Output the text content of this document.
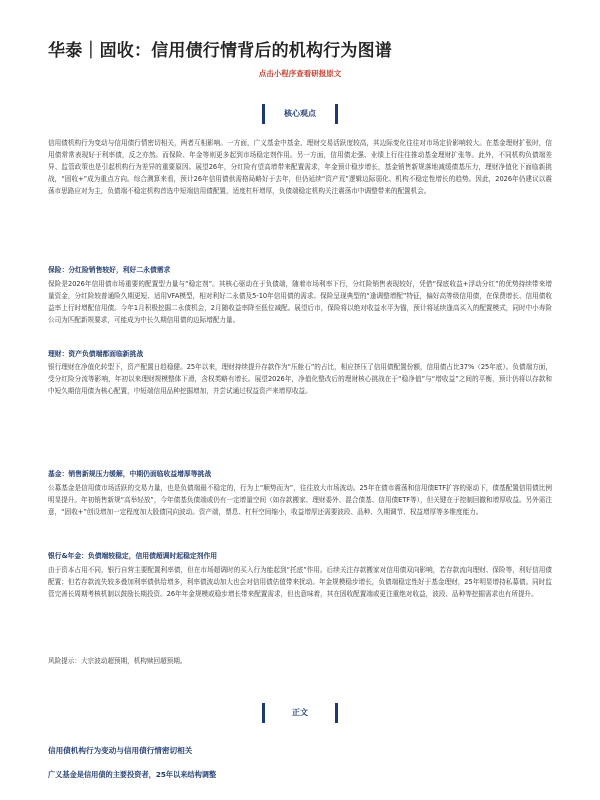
华泰｜固收：信用债行情背后的机构行为图谱
点击小程序查看研报原文
核心观点

信用债机构行为变动与信用债行情密切相关，两者互相影响。一方面，广义基金中基金、理财交易活跃度较高，其边际变化往往对市场定价影响较大。在基金理财扩张时，信用债常常表现好于利率债，反之亦然。而保险、年金等则更多起到市场稳定剂作用。另一方面，信用债走强、业绩上行往往推动基金理财扩张等。此外，不同机构负债端差异、监管政策也是引起机构行为差异的重要原因。展望26年，分红险有望高增带来配置需求，年金预计稳步增长，基金销售新规落地减缓债基压力，理财净值化下面临新挑战，“固收+”成为重点方向。综合测算来看，预计26年信用债供需格局略好于去年，但仍延续“资产荒”逻辑边际弱化、机构不稳定性增长的趋势。因此，2026年仍建议以震荡市思路应对为主，负债端不稳定机构首选中短端信用债配置，适度杠杆增厚，负债端稳定机构关注震荡市中调整带来的配置机会。

保险：分红险销售较好，利好二永债需求

保险是2026年信用债市场重要的配置型力量与“稳定剂”。其核心驱动在于负债端，随着市场利率下行，分红险销售表现较好，凭借“保底收益+浮动分红”的优势持续带来增量资金，分红险较普通险久期更短、适用VFA模型，相对利好二永债及5-10年信用债的需求。保险呈现典型的“逢调整增配”特征，偏好高等级信用债，在保费增长、信用债收益率上行时增配信用债。今年1月积极挖掘二永债机会，2月随收益率降至低位减配。展望后市，保险将以绝对收益水平为锚，预计将延续逢高买入的配置模式，同时中小寿险公司为匹配新规要求，可能成为中长久期信用债的边际增配力量。

理财：资产负债端都面临新挑战

银行理财在净值化转型下，资产配置日趋稳健。25年以来，理财持续提升存款作为“压舱石”的占比，相应挤压了信用债配置份额，信用债占比37%（25年底）。负债端方面，受分红险分流等影响，年初以来理财规模整体下滑，含权类略有增长。展望2026年，净值化整改后的理财核心挑战在于“稳净值”与“增收益”之间的平衡，预计仍将以存款和中短久期信用债为核心配置，中短端信用品种挖掘增加，并尝试通过权益资产来增厚收益。

基金：销售新规压力缓解，中期仍面临收益增厚等挑战

公募基金是信用债市场活跃的交易力量，也是负债端最不稳定的，行为上“顺势而为”，往往放大市场波动。25年在债市震荡和信用债ETF扩容的驱动下，债基配置信用债比例明显提升。年初销售新规“高举轻放”，今年债基负债端或仍有一定增量空间（如存款搬家、理财委外、混合债基、信用债ETF等），但关键在于控制回撤和增厚收益。另外需注意，“固收+”创设增加一定程度加大股债同向波动。资产端，票息、杠杆空间缩小，收益增厚还需要波段、品种、久期调节、权益增厚等多维度能力。

银行&年金：负债端较稳定，信用债超调时起稳定剂作用

由于资本占用不同，银行自营主要配置利率债，但在市场超调时的买入行为能起到“托底”作用。后续关注存款搬家对信用债双向影响，若存款流向理财、保险等，利好信用债配置；但若存款流失较多叠加利率债供给增多，利率债波动加大也会对信用债估值带来扰动。年金规模稳步增长，负债端稳定性好于基金理财，25年明显增持私募债。同时监管完善长周期考核机制以鼓励长期投资。26年年金规模或稳步增长带来配置需求，但也意味着，其在固收配置端或更注重绝对收益，波段、品种等挖掘需求也有所提升。

风险提示：大宗波动超预期，机构赎回超预期。

正文
信用债机构行为变动与信用债行情密切相关
广义基金是信用债的主要投资者，25年以来结构调整
